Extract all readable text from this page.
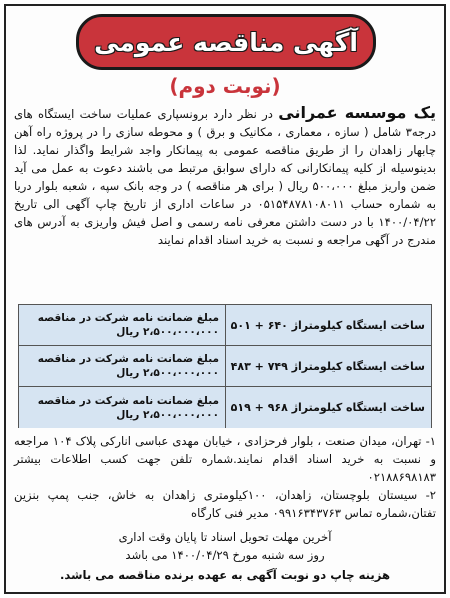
آگهی مناقصه عمومی
(نوبت دوم)
یک موسسه عمرانی در نظر دارد برونسپاری عملیات ساخت ایستگاه های درجه۳ شامل ( سازه ، معماری ، مکانیک و برق ) و محوطه سازی را در پروژه راه آهن چابهار زاهدان را از طریق مناقصه عمومی به پیمانکار واجد شرایط واگذار نماید. لذا بدینوسیله از کلیه پیمانکارانی که دارای سوابق مرتبط می باشند دعوت به عمل می آید ضمن واریز مبلغ ۵۰۰،۰۰۰ ریال ( برای هر مناقصه ) در وجه بانک سپه ، شعبه بلوار دریا به شماره حساب ۰۵۱۵۴۸۷۸۱۰۸۰۱۱ در ساعات اداری از تاریخ چاپ آگهی الی تاریخ ۱۴۰۰/۰۴/۲۲ با در دست داشتن معرفی نامه رسمی و اصل فیش واریزی به آدرس های مندرج در آگهی مراجعه و نسبت به خرید اسناد اقدام نمایند
ساخت ایستگاه کیلومتراژ ۶۴۰ + ۵۰۱
مبلغ ضمانت نامه شرکت در مناقصه
۲،۵۰۰،۰۰۰،۰۰۰ ریال
ساخت ایستگاه کیلومتراژ ۷۴۹ + ۴۸۳
مبلغ ضمانت نامه شرکت در مناقصه
۲،۵۰۰،۰۰۰،۰۰۰ ریال
ساخت ایستگاه کیلومتراژ ۹۶۸ + ۵۱۹
مبلغ ضمانت نامه شرکت در مناقصه
۲،۵۰۰،۰۰۰،۰۰۰ ریال
۱- تهران، میدان صنعت ، بلوار فرحزادی ، خیابان مهدی عباسی انارکی پلاک ۱۰۴ مراجعه و نسبت به خرید اسناد اقدام نمایند.شماره تلفن جهت کسب اطلاعات بیشتر ۰۲۱۸۸۶۹۸۱۸۳
۲- سیستان بلوچستان، زاهدان، ۱۰۰کیلومتری زاهدان به خاش، جنب پمپ بنزین تفتان،شماره تماس ۰۹۹۱۶۳۴۳۷۶۳ مدیر فنی کارگاه
آخرین مهلت تحویل اسناد تا پایان وقت اداری
روز سه شنبه مورخ ۱۴۰۰/۰۴/۲۹ می باشد
هزینه چاپ دو نوبت آگهی به عهده برنده مناقصه می باشد.
